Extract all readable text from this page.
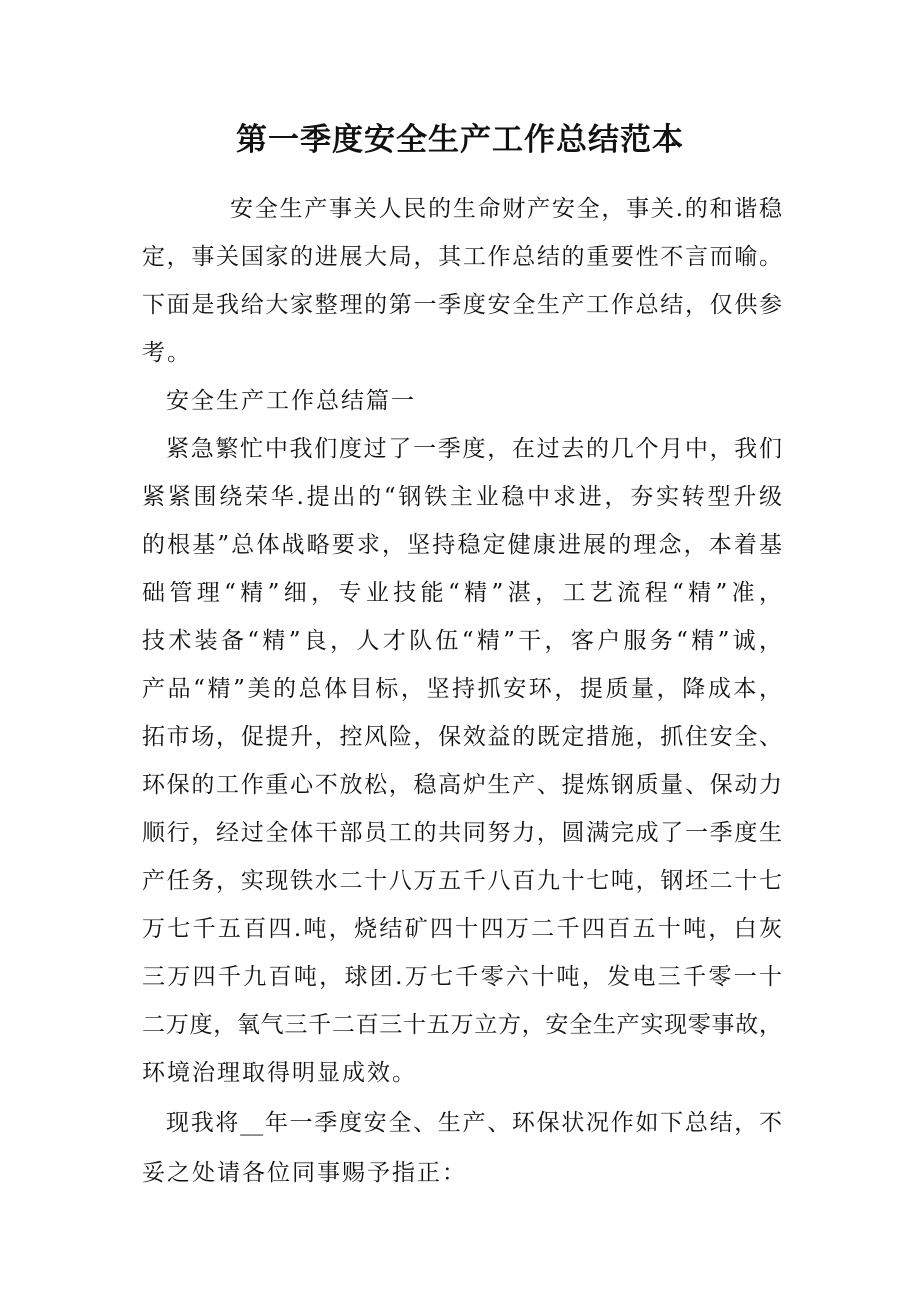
第一季度安全生产工作总结范本
安全生产事关人民的生命财产安全，事关.的和谐稳
定，事关国家的进展大局，其工作总结的重要性不言而喻。
下面是我给大家整理的第一季度安全生产工作总结，仅供参
考。
安全生产工作总结篇一
紧急繁忙中我们度过了一季度，在过去的几个月中，我们
紧紧围绕荣华.提出的“钢铁主业稳中求进，夯实转型升级
的根基”总体战略要求，坚持稳定健康进展的理念，本着基
础管理“精”细，专业技能“精”湛，工艺流程“精”准，
技术装备“精”良，人才队伍“精”干，客户服务“精”诚，
产品“精”美的总体目标，坚持抓安环，提质量，降成本，
拓市场，促提升，控风险，保效益的既定措施，抓住安全、
环保的工作重心不放松，稳高炉生产、提炼钢质量、保动力
顺行，经过全体干部员工的共同努力，圆满完成了一季度生
产任务，实现铁水二十八万五千八百九十七吨，钢坯二十七
万七千五百四.吨，烧结矿四十四万二千四百五十吨，白灰
三万四千九百吨，球团.万七千零六十吨，发电三千零一十
二万度，氧气三千二百三十五万立方，安全生产实现零事故，
环境治理取得明显成效。
现我将__年一季度安全、生产、环保状况作如下总结，不
妥之处请各位同事赐予指正：
